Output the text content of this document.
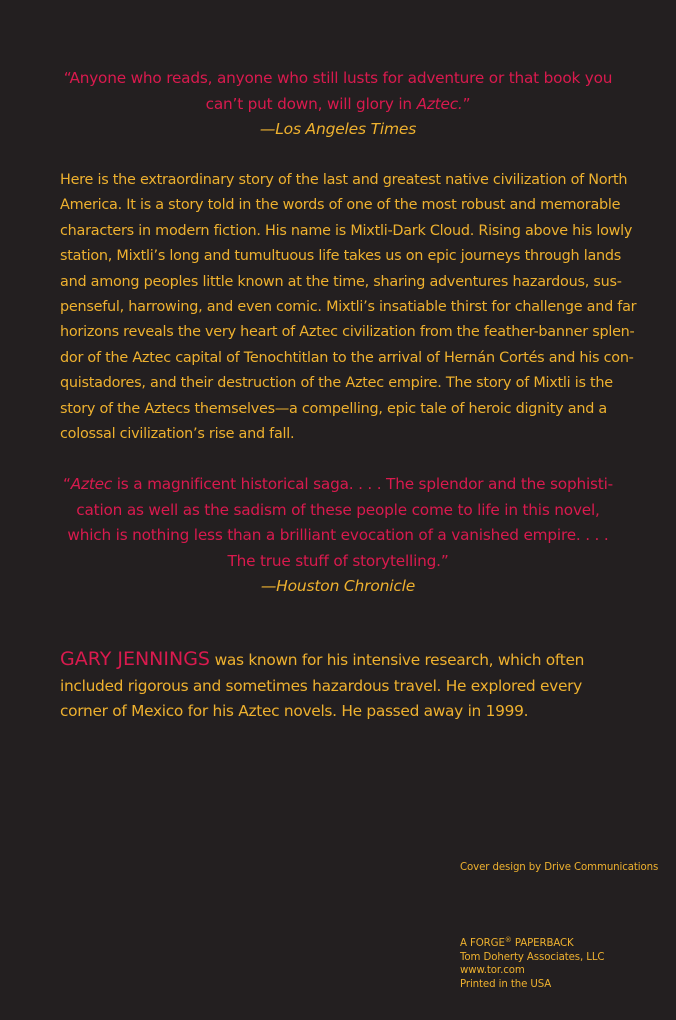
“Anyone who reads, anyone who still lusts for adventure or that book you
can’t put down, will glory in Aztec.”
—Los Angeles Times
Here is the extraordinary story of the last and greatest native civilization of North
America. It is a story told in the words of one of the most robust and memorable
characters in modern fiction. His name is Mixtli-Dark Cloud. Rising above his lowly
station, Mixtli’s long and tumultuous life takes us on epic journeys through lands
and among peoples little known at the time, sharing adventures hazardous, sus-
penseful, harrowing, and even comic. Mixtli’s insatiable thirst for challenge and far
horizons reveals the very heart of Aztec civilization from the feather-banner splen-
dor of the Aztec capital of Tenochtitlan to the arrival of Hernán Cortés and his con-
quistadores, and their destruction of the Aztec empire. The story of Mixtli is the
story of the Aztecs themselves—a compelling, epic tale of heroic dignity and a
colossal civilization’s rise and fall.
“Aztec is a magnificent historical saga. . . . The splendor and the sophisti-
cation as well as the sadism of these people come to life in this novel,
which is nothing less than a brilliant evocation of a vanished empire. . . .
The true stuff of storytelling.”
—Houston Chronicle
GARY JENNINGS was known for his intensive research, which often
included rigorous and sometimes hazardous travel. He explored every
corner of Mexico for his Aztec novels. He passed away in 1999.
Cover design by Drive Communications
A FORGE® PAPERBACK
Tom Doherty Associates, LLC
www.tor.com
Printed in the USA
